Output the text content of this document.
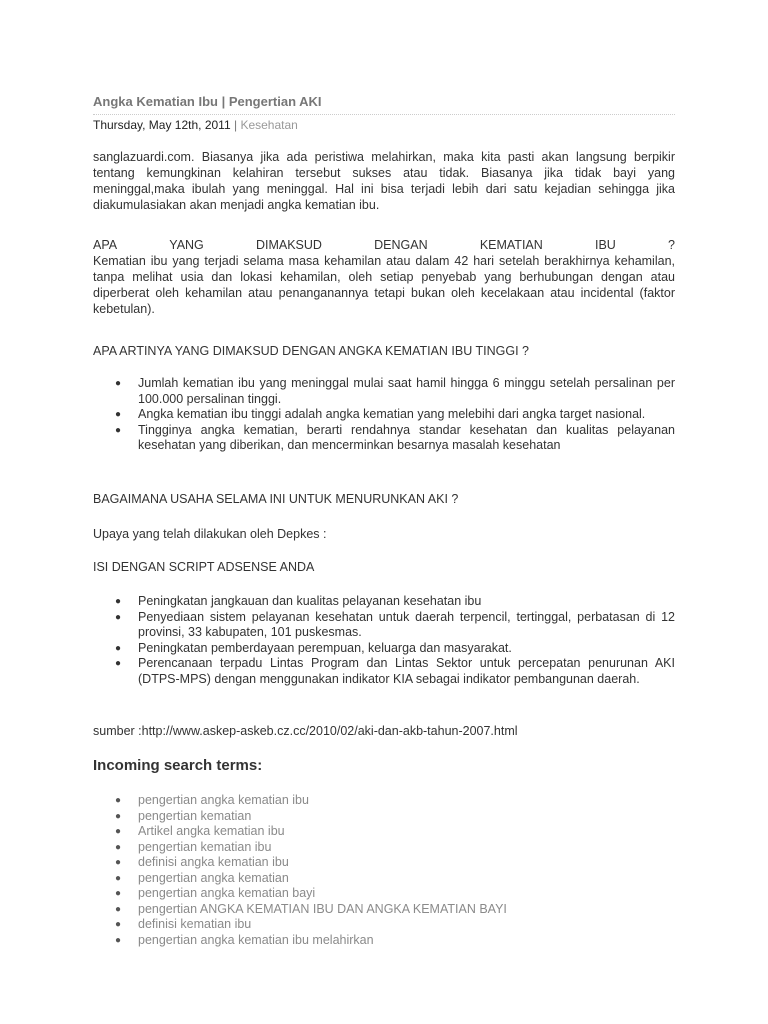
Angka Kematian Ibu | Pengertian AKI
Thursday, May 12th, 2011 | Kesehatan
sanglazuardi.com. Biasanya jika ada peristiwa melahirkan, maka kita pasti akan langsung berpikir tentang kemungkinan kelahiran tersebut sukses atau tidak. Biasanya jika tidak bayi yang meninggal,maka ibulah yang meninggal. Hal ini bisa terjadi lebih dari satu kejadian sehingga jika diakumulasiakan akan menjadi angka kematian ibu.
APA	YANG	DIMAKSUD	DENGAN	KEMATIAN	IBU	?
Kematian ibu yang terjadi selama masa kehamilan atau dalam 42 hari setelah berakhirnya kehamilan, tanpa melihat usia dan lokasi kehamilan, oleh setiap penyebab yang berhubungan dengan atau diperberat oleh kehamilan atau penanganannya tetapi bukan oleh kecelakaan atau incidental (faktor kebetulan).
APA ARTINYA YANG DIMAKSUD DENGAN ANGKA KEMATIAN IBU TINGGI ?
● Jumlah kematian ibu yang meninggal mulai saat hamil hingga 6 minggu setelah persalinan per 100.000 persalinan tinggi.
● Angka kematian ibu tinggi adalah angka kematian yang melebihi dari angka target nasional.
● Tingginya angka kematian, berarti rendahnya standar kesehatan dan kualitas pelayanan kesehatan yang diberikan, dan mencerminkan besarnya masalah kesehatan
BAGAIMANA USAHA SELAMA INI UNTUK MENURUNKAN AKI ?
Upaya yang telah dilakukan oleh Depkes :
ISI DENGAN SCRIPT ADSENSE ANDA
● Peningkatan jangkauan dan kualitas pelayanan kesehatan ibu
● Penyediaan sistem pelayanan kesehatan untuk daerah terpencil, tertinggal, perbatasan di 12 provinsi, 33 kabupaten, 101 puskesmas.
● Peningkatan pemberdayaan perempuan, keluarga dan masyarakat.
● Perencanaan terpadu Lintas Program dan Lintas Sektor untuk percepatan penurunan AKI (DTPS-MPS) dengan menggunakan indikator KIA sebagai indikator pembangunan daerah.
sumber :http://www.askep-askeb.cz.cc/2010/02/aki-dan-akb-tahun-2007.html
Incoming search terms:
● pengertian angka kematian ibu
● pengertian kematian
● Artikel angka kematian ibu
● pengertian kematian ibu
● definisi angka kematian ibu
● pengertian angka kematian
● pengertian angka kematian bayi
● pengertian ANGKA KEMATIAN IBU DAN ANGKA KEMATIAN BAYI
● definisi kematian ibu
● pengertian angka kematian ibu melahirkan
